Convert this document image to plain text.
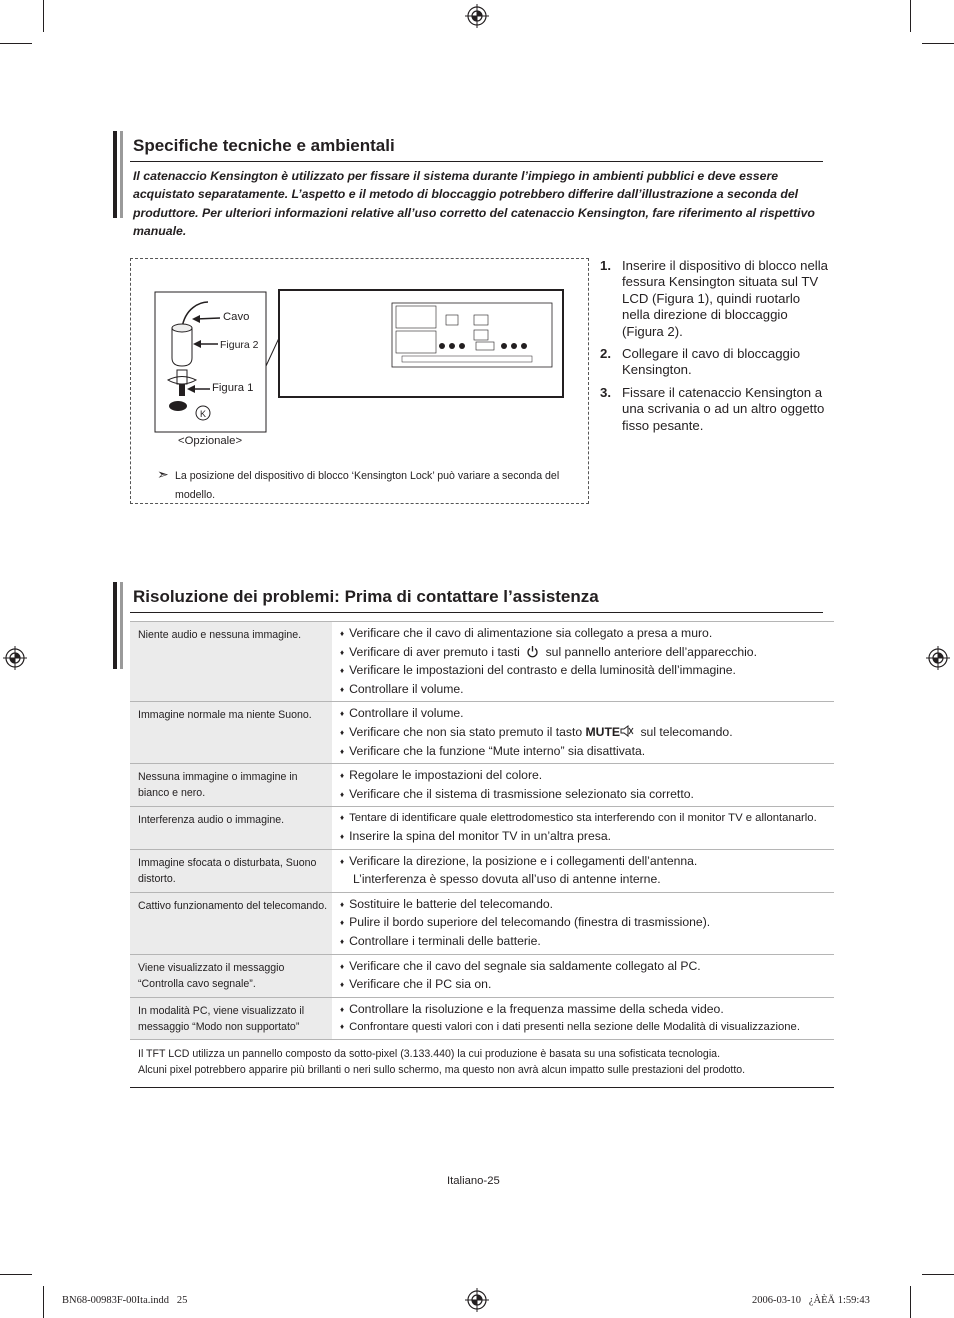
Specifiche tecniche e ambientali
Il catenaccio Kensington è utilizzato per fissare il sistema durante l’impiego in ambienti pubblici e deve essere acquistato separatamente. L’aspetto e il metodo di bloccaggio potrebbero differire dall’illustrazione a seconda del produttore. Per ulteriori informazioni relative all’uso corretto del catenaccio Kensington, fare riferimento al rispettivo manuale.
K
Cavo
Figura 2
Figura 1
<Opzionale>
➣ La posizione del dispositivo di blocco ‘Kensington Lock’ può variare a seconda del modello.
1. Inserire il dispositivo di blocco nella fessura Kensington situata sul TV LCD (Figura 1), quindi ruotarlo nella direzione di bloccaggio (Figura 2).
2. Collegare il cavo di bloccaggio Kensington.
3. Fissare il catenaccio Kensington a una scrivania o ad un altro oggetto fisso pesante.
Risoluzione dei problemi: Prima di contattare l’assistenza
Niente audio e nessuna immagine.	♦ Verificare che il cavo di alimentazione sia collegato a presa a muro.
♦ Verificare di aver premuto i tasti sul pannello anteriore dell’apparecchio.
♦ Verificare le impostazioni del contrasto e della luminosità dell’immagine.
♦ Controllare il volume.

Immagine normale ma niente Suono.	♦ Controllare il volume.
♦ Verificare che non sia stato premuto il tasto MUTE sul telecomando.
♦ Verificare che la funzione “Mute interno” sia disattivata.

Nessuna immagine o immagine in bianco e nero.	♦ Regolare le impostazioni del colore.
♦ Verificare che il sistema di trasmissione selezionato sia corretto.

Interferenza audio o immagine.	♦ Tentare di identificare quale elettrodomestico sta interferendo con il monitor TV e allontanarlo.
♦ Inserire la spina del monitor TV in un’altra presa.

Immagine sfocata o disturbata, Suono distorto.	♦ Verificare la direzione, la posizione e i collegamenti dell’antenna.
L’interferenza è spesso dovuta all’uso di antenne interne.

Cattivo funzionamento del telecomando.	♦ Sostituire le batterie del telecomando.
♦ Pulire il bordo superiore del telecomando (finestra di trasmissione).
♦ Controllare i terminali delle batterie.

Viene visualizzato il messaggio “Controlla cavo segnale”.	♦ Verificare che il cavo del segnale sia saldamente collegato al PC.
♦ Verificare che il PC sia on.

In modalità PC, viene visualizzato il messaggio “Modo non supportato”	♦ Controllare la risoluzione e la frequenza massime della scheda video.
♦ Confrontare questi valori con i dati presenti nella sezione delle Modalità di visualizzazione.

Il TFT LCD utilizza un pannello composto da sotto-pixel (3.133.440) la cui produzione è basata su una sofisticata tecnologia.
Alcuni pixel potrebbero apparire più brillanti o neri sullo schermo, ma questo non avrà alcun impatto sulle prestazioni del prodotto.	
Italiano-25
BN68-00983F-00Ita.indd   25	2006-03-10   ¿ÀÈÄ 1:59:43
